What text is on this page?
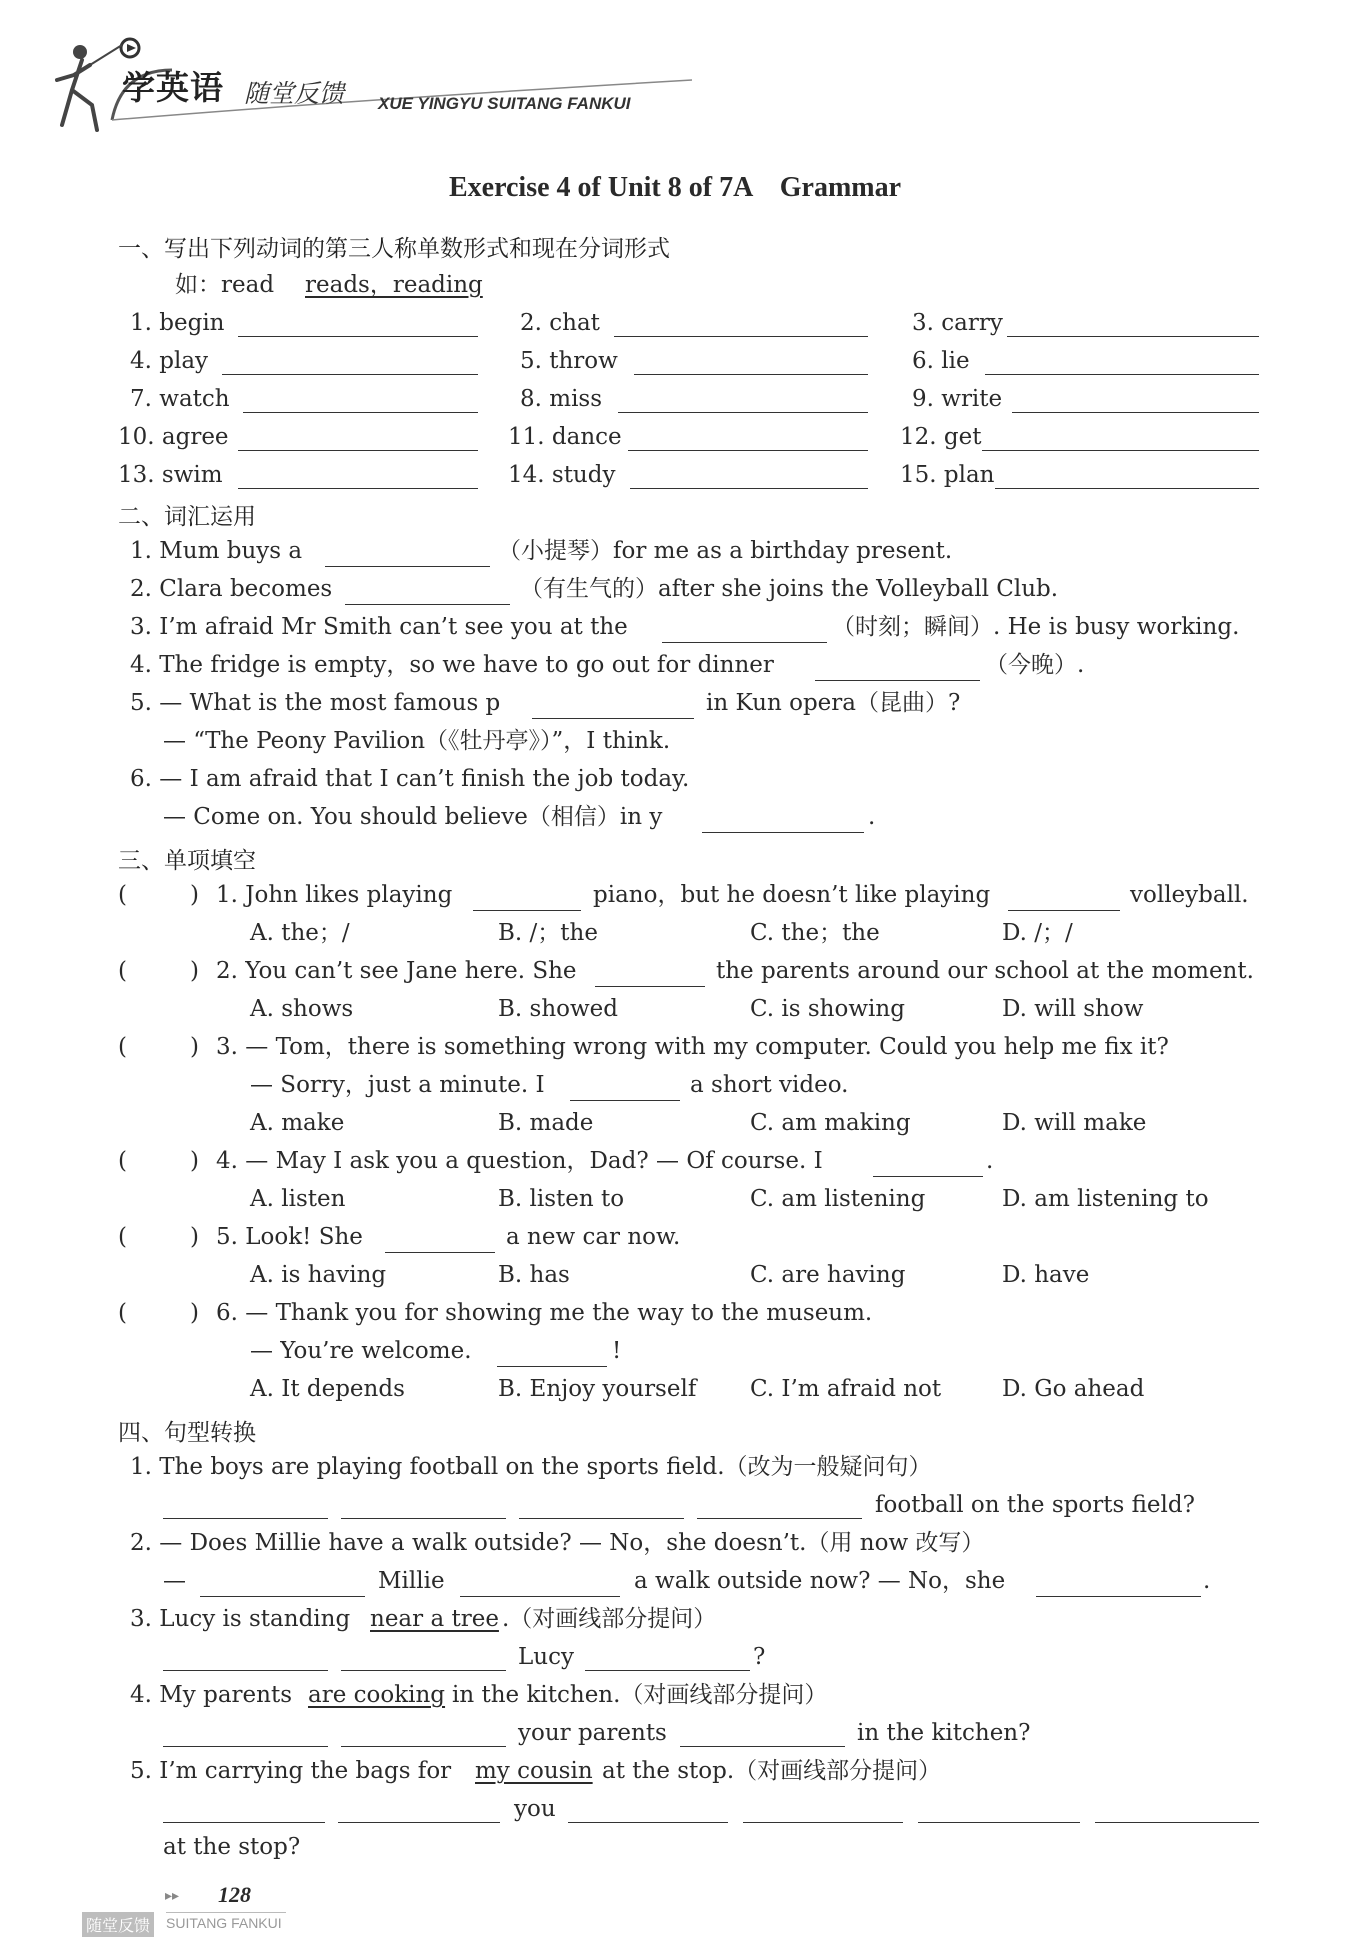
学英语 随堂反馈 XUE YINGYU SUITANG FANKUI
Exercise 4 of Unit 8 of 7A　Grammar
一、写出下列动词的第三人称单数形式和现在分词形式
如：read reads，reading
1. begin	2. chat	3. carry
4. play	5. throw	6. lie
7. watch	8. miss	9. write
10. agree	11. dance	12. get
13. swim	14. study	15. plan
二、词汇运用
1. Mum buys a	（小提琴）for me as a birthday present.
2. Clara becomes	（有生气的）after she joins the Volleyball Club.
3. I’m afraid Mr Smith can’t see you at the	（时刻；瞬间）. He is busy working.
4. The fridge is empty，so we have to go out for dinner	（今晚）.
5. — What is the most famous p	in Kun opera（昆曲）?
— “The Peony Pavilion（《牡丹亭》）”，I think.
6. — I am afraid that I can’t finish the job today.
— Come on. You should believe（相信）in y	.
三、单项填空
(	) 1. John likes playing	piano，but he doesn’t like playing	volleyball.
A. the；/	B. /；the	C. the；the	D. /；/
(	) 2. You can’t see Jane here. She	the parents around our school at the moment.
A. shows	B. showed	C. is showing	D. will show
(	) 3. — Tom，there is something wrong with my computer. Could you help me fix it?
— Sorry，just a minute. I	a short video.
A. make	B. made	C. am making	D. will make
(	) 4. — May I ask you a question，Dad? — Of course. I	.
A. listen	B. listen to	C. am listening	D. am listening to
(	) 5. Look! She	a new car now.
A. is having	B. has	C. are having	D. have
(	) 6. — Thank you for showing me the way to the museum.
— You’re welcome.	!
A. It depends	B. Enjoy yourself C. I’m afraid not	D. Go ahead
四、句型转换
1. The boys are playing football on the sports field.（改为一般疑问句）
football on the sports field?
2. — Does Millie have a walk outside? — No，she doesn’t.（用 now 改写）
—	Millie	a walk outside now? — No，she	.
3. Lucy is standing near a tree .（对画线部分提问）
Lucy	?
4. My parents are cooking in the kitchen.（对画线部分提问）
your parents	in the kitchen?
5. I’m carrying the bags for my cousin at the stop.（对画线部分提问）
you
at the stop?
▸▸ 128
随堂反馈 SUITANG FANKUI
